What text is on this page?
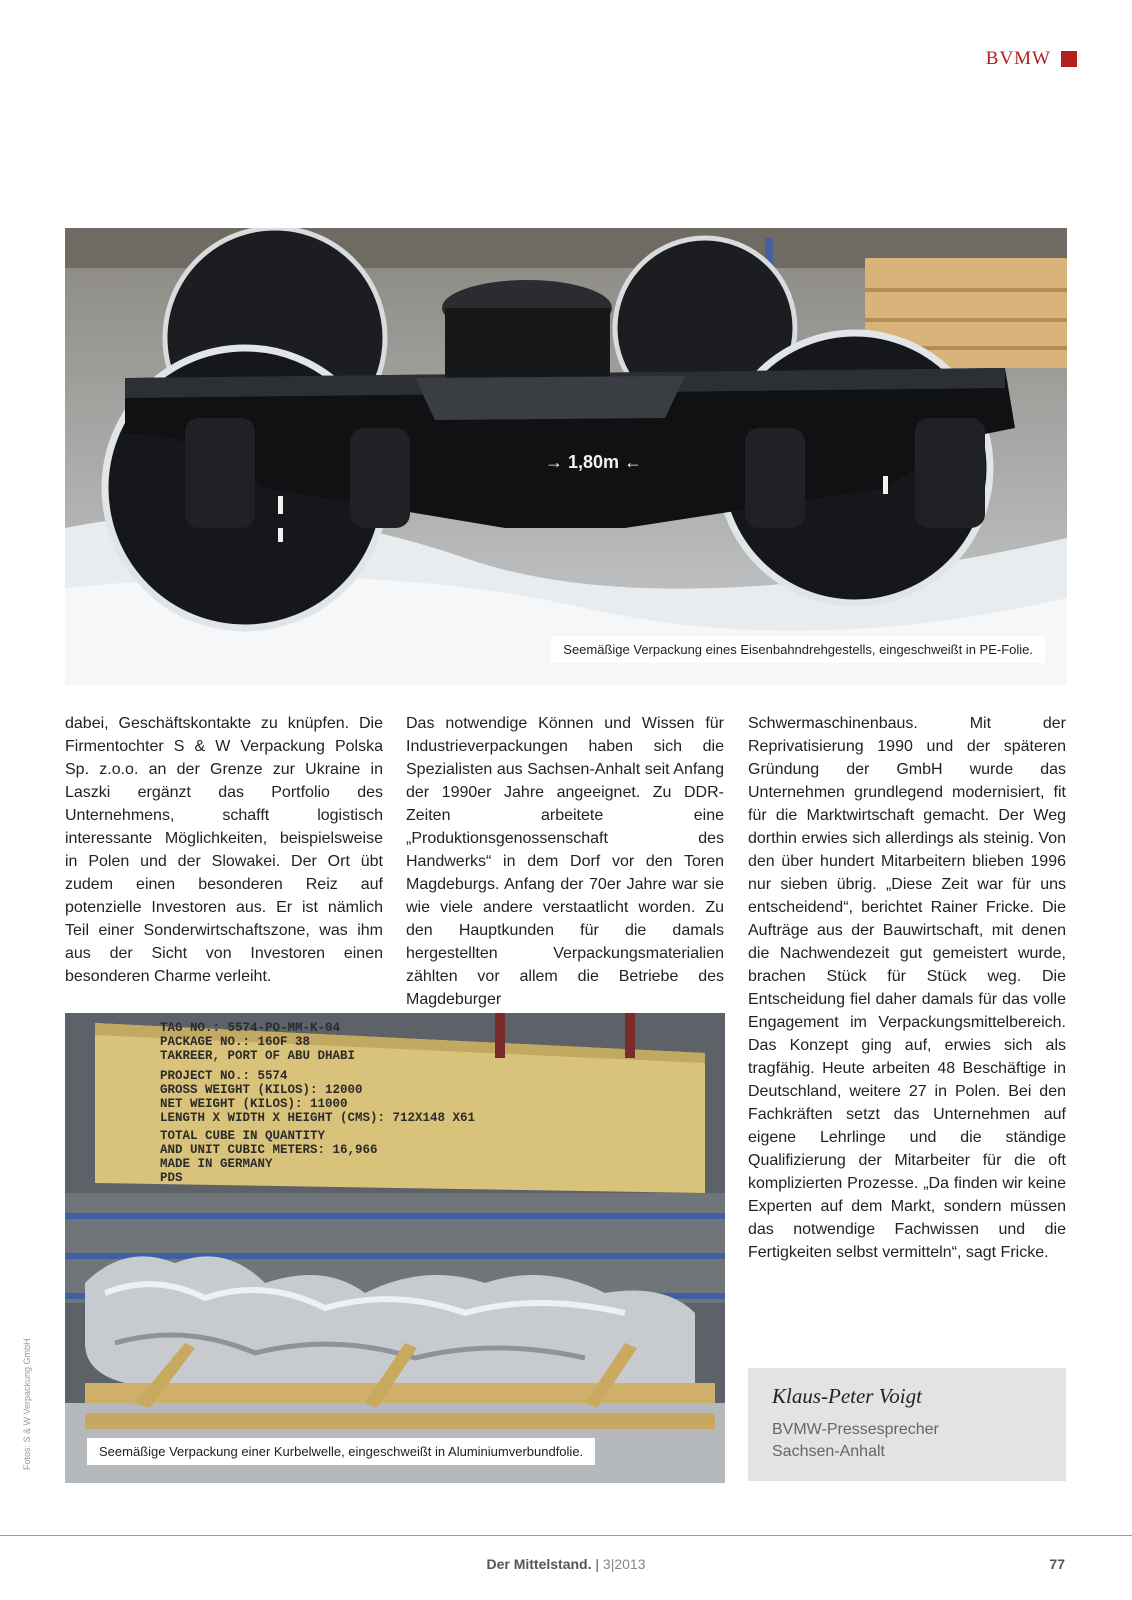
BVMW
→ 1,80m ←
Seemäßige Verpackung eines Eisenbahndrehgestells, eingeschweißt in PE-Folie.

dabei, Geschäftskontakte zu knüpfen. Die Firmentochter S & W Verpackung Polska Sp. z.o.o. an der Grenze zur Ukraine in Laszki ergänzt das Portfolio des Unternehmens, schafft logistisch interessante Möglichkeiten, beispielsweise in Polen und der Slowakei. Der Ort übt zudem einen besonderen Reiz auf potenzielle Investoren aus. Er ist nämlich Teil einer Sonderwirtschaftszone, was ihm aus der Sicht von Investoren einen besonderen Charme verleiht.

Das notwendige Können und Wissen für Industrieverpackungen haben sich die Spezialisten aus Sachsen-Anhalt seit Anfang der 1990er Jahre angeeignet. Zu DDR-Zeiten arbeitete eine „Produktionsgenossenschaft des Handwerks“ in dem Dorf vor den Toren Magdeburgs. Anfang der 70er Jahre war sie wie viele andere verstaatlicht worden. Zu den Hauptkunden für die damals hergestellten Verpackungsmaterialien zählten vor allem die Betriebe des Magdeburger

Schwermaschinenbaus. Mit der Reprivatisierung 1990 und der späteren Gründung der GmbH wurde das Unternehmen grundlegend modernisiert, fit für die Marktwirtschaft gemacht. Der Weg dorthin erwies sich allerdings als steinig. Von den über hundert Mitarbeitern blieben 1996 nur sieben übrig. „Diese Zeit war für uns entscheidend“, berichtet Rainer Fricke. Die Aufträge aus der Bauwirtschaft, mit denen die Nachwendezeit gut gemeistert wurde, brachen Stück für Stück weg. Die Entscheidung fiel daher damals für das volle Engagement im Verpackungsmittelbereich. Das Konzept ging auf, erwies sich als tragfähig. Heute arbeiten 48 Beschäftige in Deutschland, weitere 27 in Polen. Bei den Fachkräften setzt das Unternehmen auf eigene Lehrlinge und die ständige Qualifizierung der Mitarbeiter für die oft komplizierten Prozesse. „Da finden wir keine Experten auf dem Markt, sondern müssen das notwendige Fachwissen und die Fertigkeiten selbst vermitteln“, sagt Fricke.

TAG NO.: 5574-PO-MM-K-04
PACKAGE NO.: 16OF 38
TAKREER, PORT OF ABU DHABI
PROJECT NO.: 5574
GROSS WEIGHT (KILOS): 12000
NET WEIGHT (KILOS): 11000
LENGTH X WIDTH X HEIGHT (CMS): 712X148 X61
TOTAL CUBE IN QUANTITY
AND UNIT CUBIC METERS: 16,966
MADE IN GERMANY
PDS
Seemäßige Verpackung einer Kurbelwelle, eingeschweißt in Aluminiumverbundfolie.
Klaus-Peter Voigt
BVMW-Pressesprecher
Sachsen-Anhalt
Fotos: S & W Verpackung GmbH
Der Mittelstand. | 3|2013	77
